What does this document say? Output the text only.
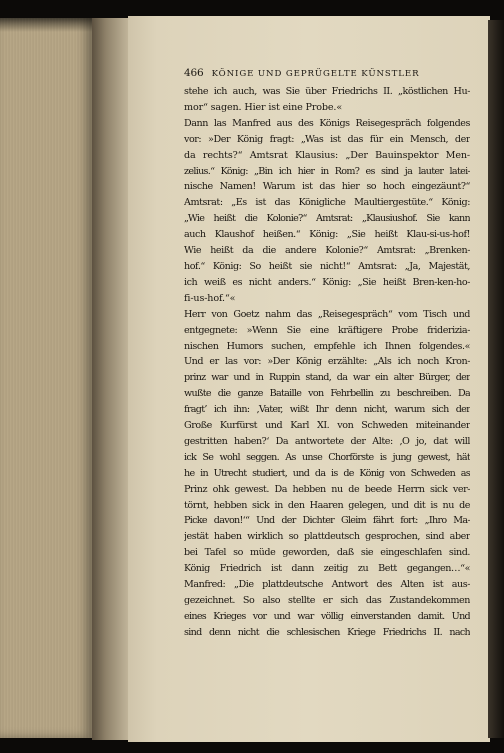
466 KÖNIGE UND GEPRÜGELTE KÜNSTLER
stehe ich auch, was Sie über Friedrichs II. „köstlichen Hu-
mor“ sagen. Hier ist eine Probe.«
Dann las Manfred aus des Königs Reisegespräch folgendes
vor: »Der König fragt: „Was ist das für ein Mensch, der
da rechts?“ Amtsrat Klausius: „Der Bauinspektor Men-
zelius.“ König: „Bin ich hier in Rom? es sind ja lauter latei-
nische Namen! Warum ist das hier so hoch eingezäunt?“
Amtsrat: „Es ist das Königliche Maultiergestüte.“ König:
„Wie heißt die Kolonie?“ Amtsrat: „Klausiushof. Sie kann
auch Klaushof heißen.“ König: „Sie heißt Klau-si-us-hof!
Wie heißt da die andere Kolonie?“ Amtsrat: „Brenken-
hof.“ König: So heißt sie nicht!“ Amtsrat: „Ja, Majestät,
ich weiß es nicht anders.“ König: „Sie heißt Bren-ken-ho-
fi-us-hof.“«
Herr von Goetz nahm das „Reisegespräch“ vom Tisch und
entgegnete: »Wenn Sie eine kräftigere Probe friderizia-
nischen Humors suchen, empfehle ich Ihnen folgendes.«
Und er las vor: »Der König erzählte: „Als ich noch Kron-
prinz war und in Ruppin stand, da war ein alter Bürger, der
wußte die ganze Bataille von Fehrbellin zu beschreiben. Da
fragt’ ich ihn: ‚Vater, wißt Ihr denn nicht, warum sich der
Große Kurfürst und Karl XI. von Schweden miteinander
gestritten haben?‘ Da antwortete der Alte: ‚O jo, dat will
ick Se wohl seggen. As unse Chorförste is jung gewest, hät
he in Utrecht studiert, und da is de König von Schweden as
Prinz ohk gewest. Da hebben nu de beede Herrn sick ver-
törnt, hebben sick in den Haaren gelegen, und dit is nu de
Picke davon!‘“ Und der Dichter Gleim fährt fort: „Ihro Ma-
jestät haben wirklich so plattdeutsch gesprochen, sind aber
bei Tafel so müde geworden, daß sie eingeschlafen sind.
König Friedrich ist dann zeitig zu Bett gegangen…“«
Manfred: „Die plattdeutsche Antwort des Alten ist aus-
gezeichnet. So also stellte er sich das Zustandekommen
eines Krieges vor und war völlig einverstanden damit. Und
sind denn nicht die schlesischen Kriege Friedrichs II. nach
